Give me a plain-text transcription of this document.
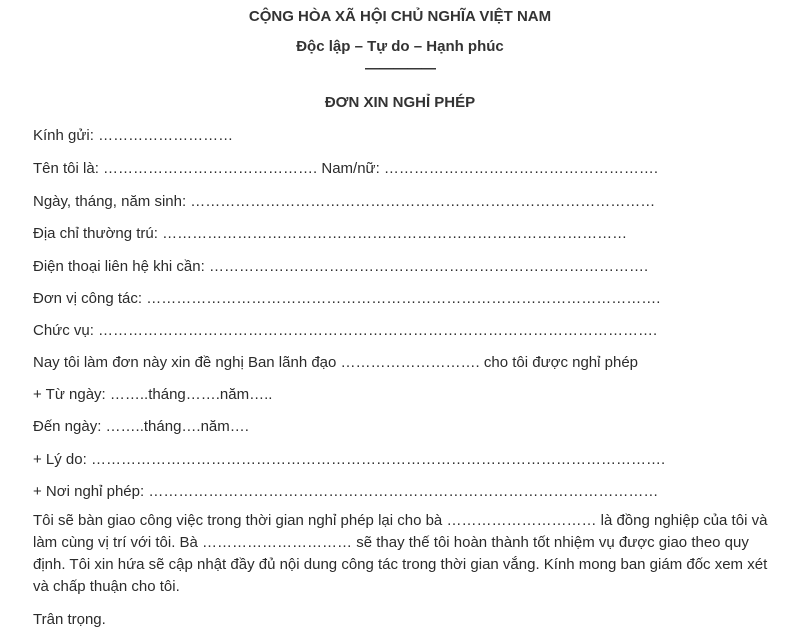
CỘNG HÒA XÃ HỘI CHỦ NGHĨA VIỆT NAM
Độc lập – Tự do – Hạnh phúc
—————
ĐƠN XIN NGHỈ PHÉP
Kính gửi: ………………………
Tên tôi là: ……………………………………. Nam/nữ: ……………………………………………….
Ngày, tháng, năm sinh: …………………………………………………………………………………
Địa chỉ thường trú: …………………………………………………………………………………
Điện thoại liên hệ khi cần: …………………………………………………………………………….
Đơn vị công tác: ………………………………………………………………………………………….
Chức vụ: ………………………………………………………………………………………………….
Nay tôi làm đơn này xin đề nghị Ban lãnh đạo ………………………. cho tôi được nghỉ phép
+ Từ ngày: ……..tháng…….năm…..
Đến ngày: ……..tháng….năm….
+ Lý do: …………………………………………………………………………………………………….
+ Nơi nghỉ phép: …………………………………………………………………………………………
Tôi sẽ bàn giao công việc trong thời gian nghỉ phép lại cho bà ………………………… là đồng nghiệp của tôi và làm cùng vị trí với tôi. Bà ………………………… sẽ thay thế tôi hoàn thành tốt nhiệm vụ được giao theo quy định. Tôi xin hứa sẽ cập nhật đầy đủ nội dung công tác trong thời gian vắng. Kính mong ban giám đốc xem xét và chấp thuận cho tôi.
Trân trọng.
